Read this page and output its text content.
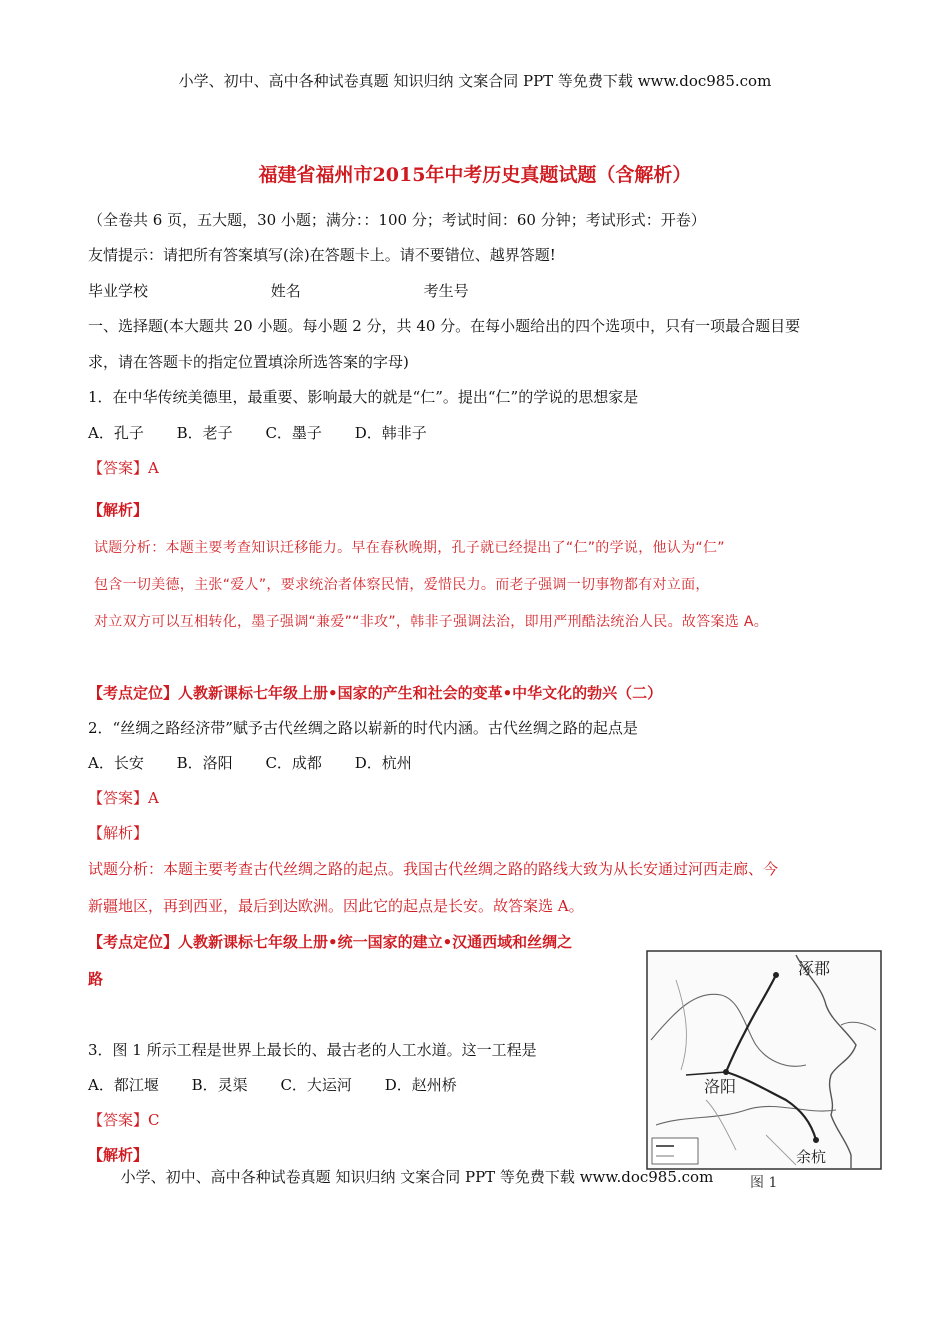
小学、初中、高中各种试卷真题 知识归纳 文案合同 PPT 等免费下载 www.doc985.com
福建省福州市2015年中考历史真题试题（含解析）
（全卷共 6 页，五大题，30 小题；满分：：100 分；考试时间：60 分钟；考试形式：开卷）
友情提示：请把所有答案填写(涂)在答题卡上。请不要错位、越界答题!
毕业学校	姓名	考生号
一、选择题(本大题共 20 小题。每小题 2 分，共 40 分。在每小题给出的四个选项中，只有一项最合题目要
求，请在答题卡的指定位置填涂所选答案的字母)
1．在中华传统美德里，最重要、影响最大的就是“仁”。提出“仁”的学说的思想家是
A．孔子 B．老子 C．墨子 D．韩非子
【答案】A
【解析】
试题分析：本题主要考查知识迁移能力。早在春秋晚期，孔子就已经提出了“仁”的学说，他认为“仁”
包含一切美德，主张“爱人”，要求统治者体察民情，爱惜民力。而老子强调一切事物都有对立面，
对立双方可以互相转化，墨子强调“兼爱”“非攻”，韩非子强调法治，即用严刑酷法统治人民。故答案选 A。
【考点定位】人教新课标七年级上册•国家的产生和社会的变革•中华文化的勃兴（二）
2．“丝绸之路经济带”赋予古代丝绸之路以崭新的时代内涵。古代丝绸之路的起点是
A．长安 B．洛阳 C．成都 D．杭州
【答案】A
【解析】
试题分析：本题主要考查古代丝绸之路的起点。我国古代丝绸之路的路线大致为从长安通过河西走廊、今
新疆地区，再到西亚，最后到达欧洲。因此它的起点是长安。故答案选 A。
【考点定位】人教新课标七年级上册•统一国家的建立•汉通西域和丝绸之
路
3．图 1 所示工程是世界上最长的、最古老的人工水道。这一工程是
A．都江堰 B．灵渠 C．大运河 D．赵州桥
【答案】C
【解析】
涿郡
洛阳
余杭
图 1
小学、初中、高中各种试卷真题 知识归纳 文案合同 PPT 等免费下载 www.doc985.com
